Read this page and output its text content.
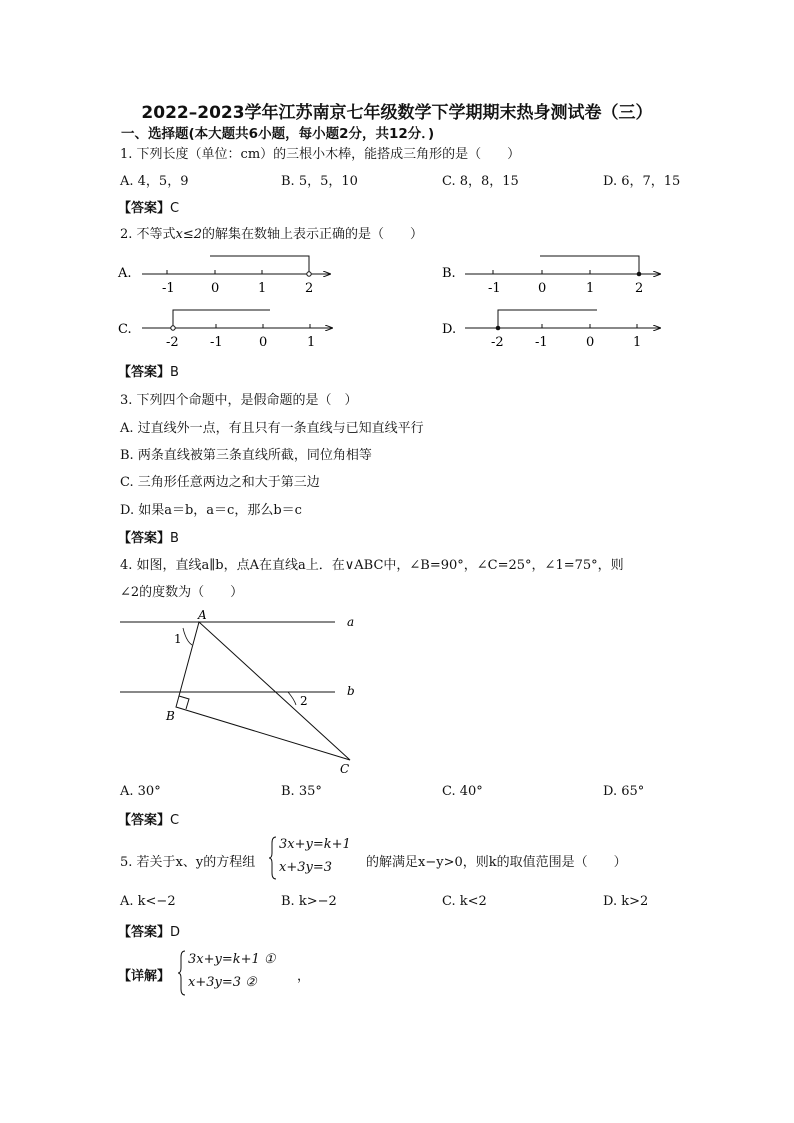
2022–2023学年江苏南京七年级数学下学期期末热身测试卷（三）
一、选择题(本大题共6小题，每小题2分，共12分．)
1. 下列长度（单位：cm）的三根小木棒，能搭成三角形的是（　　）
A. 4，5，9	B. 5，5，10	C. 8，8，15	D. 6，7，15
【答案】C
2. 不等式x≤2的解集在数轴上表示正确的是（　　）
A.
-1	0	1	2
B.
-1	0	1	2
C.
-2 -1	0	1
D.
-2 -1	0	1
【答案】B
3. 下列四个命题中，是假命题的是（　）
A. 过直线外一点，有且只有一条直线与已知直线平行
B. 两条直线被第三条直线所截，同位角相等
C. 三角形任意两边之和大于第三边
D. 如果a＝b，a＝c，那么b＝c
【答案】B
4. 如图，直线a∥b，点A在直线a上．在∨ABC中，∠B=90°，∠C=25°，∠1=75°，则
∠2的度数为（　　）
A
B
C
a
b
1
2
A. 30°	B. 35°	C. 40°	D. 65°
【答案】C
5. 若关于x、y的方程组
3x+y=k+1
x+3y=3	的解满足x−y>0，则k的取值范围是（　　）
A. k<−2	B. k>−2	C. k<2	D. k>2
【答案】D
【详解】
3x+y=k+1 ①
x+3y=3 ②	，
